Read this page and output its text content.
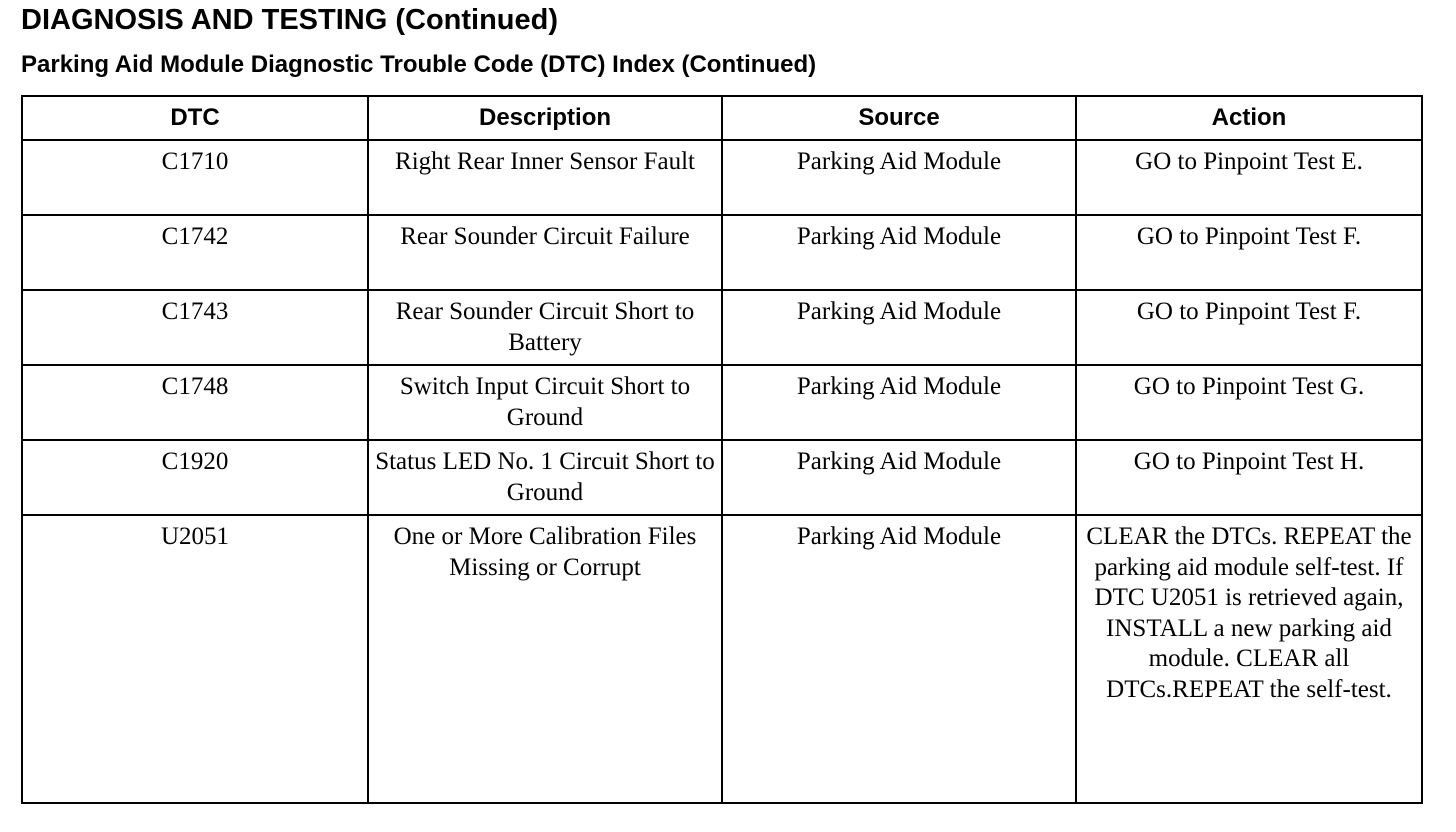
DIAGNOSIS AND TESTING (Continued)
Parking Aid Module Diagnostic Trouble Code (DTC) Index (Continued)
DTC	Description	Source	Action
C1710	Right Rear Inner Sensor Fault	Parking Aid Module	GO to Pinpoint Test E.
C1742	Rear Sounder Circuit Failure	Parking Aid Module	GO to Pinpoint Test F.
C1743	Rear Sounder Circuit Short to Battery	Parking Aid Module	GO to Pinpoint Test F.
C1748	Switch Input Circuit Short to Ground	Parking Aid Module	GO to Pinpoint Test G.
C1920	Status LED No. 1 Circuit Short to Ground	Parking Aid Module	GO to Pinpoint Test H.
U2051	One or More Calibration Files Missing or Corrupt	Parking Aid Module	CLEAR the DTCs. REPEAT the parking aid module self-test. If DTC U2051 is retrieved again, INSTALL a new parking aid module. CLEAR all DTCs.REPEAT the self-test.
